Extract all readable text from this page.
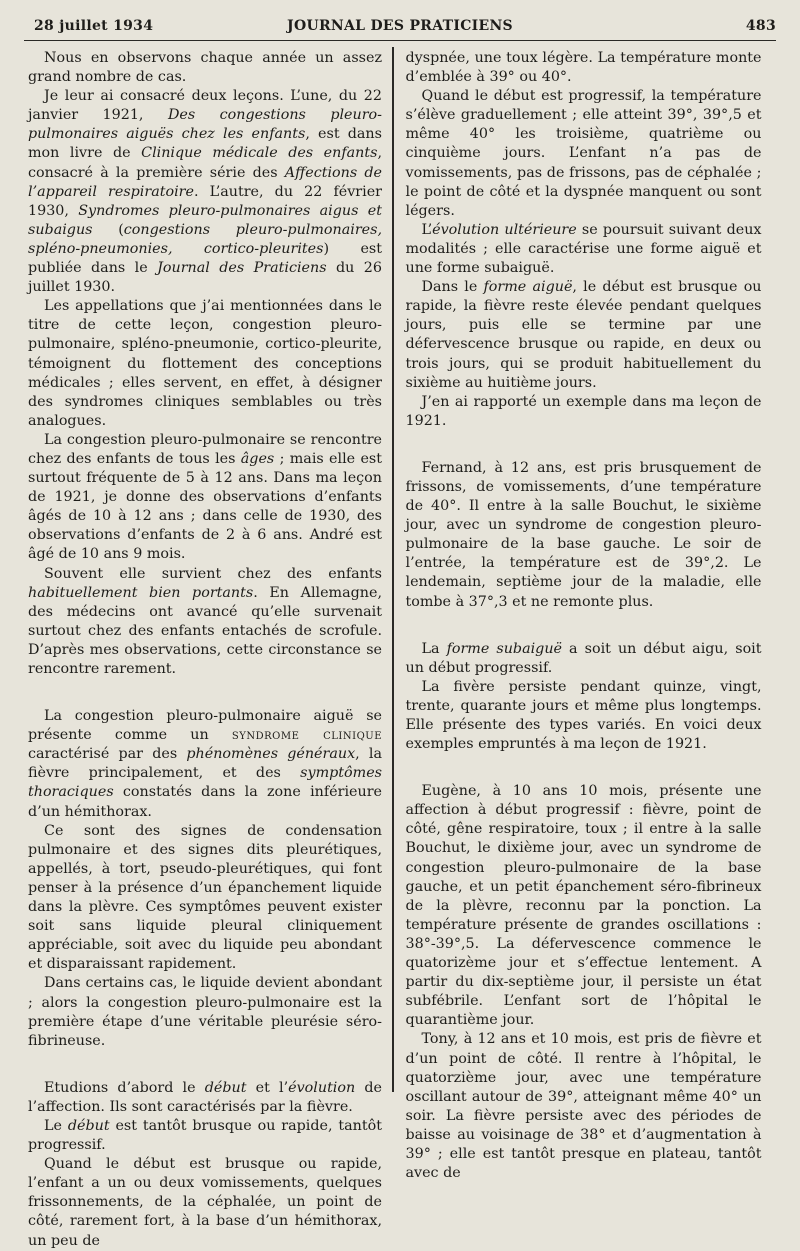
28 juillet 1934	JOURNAL DES PRATICIENS	483

Nous en observons chaque année un assez grand nombre de cas.

Je leur ai consacré deux leçons. L’une, du 22 janvier 1921, Des congestions pleuro-pulmonaires aiguës chez les enfants, est dans mon livre de Clinique médicale des enfants, consacré à la première série des Affections de l’appareil respiratoire. L’autre, du 22 février 1930, Syndromes pleuro-pulmonaires aigus et subaigus (congestions pleuro-pulmonaires, spléno-pneumonies, cortico-pleurites) est publiée dans le Journal des Praticiens du 26 juillet 1930.

Les appellations que j’ai mentionnées dans le titre de cette leçon, congestion pleuro-pulmonaire, spléno-pneumonie, cortico-pleurite, témoignent du flottement des conceptions médicales ; elles servent, en effet, à désigner des syndromes cliniques semblables ou très analogues.

La congestion pleuro-pulmonaire se rencontre chez des enfants de tous les âges ; mais elle est surtout fréquente de 5 à 12 ans. Dans ma leçon de 1921, je donne des observations d’enfants âgés de 10 à 12 ans ; dans celle de 1930, des observations d’enfants de 2 à 6 ans. André est âgé de 10 ans 9 mois.

Souvent elle survient chez des enfants habituellement bien portants. En Allemagne, des médecins ont avancé qu’elle survenait surtout chez des enfants entachés de scrofule. D’après mes observations, cette circonstance se rencontre rarement.

La congestion pleuro-pulmonaire aiguë se présente comme un syndrome clinique caractérisé par des phénomènes généraux, la fièvre principalement, et des symptômes thoraciques constatés dans la zone inférieure d’un hémithorax.

Ce sont des signes de condensation pulmonaire et des signes dits pleurétiques, appellés, à tort, pseudo-pleurétiques, qui font penser à la présence d’un épanchement liquide dans la plèvre. Ces symptômes peuvent exister soit sans liquide pleural cliniquement appréciable, soit avec du liquide peu abondant et disparaissant rapidement.

Dans certains cas, le liquide devient abondant ; alors la congestion pleuro-pulmonaire est la première étape d’une véritable pleurésie séro-fibrineuse.

Etudions d’abord le début et l’évolution de l’affection. Ils sont caractérisés par la fièvre.

Le début est tantôt brusque ou rapide, tantôt progressif.

Quand le début est brusque ou rapide, l’enfant a un ou deux vomissements, quelques frissonnements, de la céphalée, un point de côté, rarement fort, à la base d’un hémithorax, un peu de

dyspnée, une toux légère. La température monte d’emblée à 39° ou 40°.

Quand le début est progressif, la température s’élève graduellement ; elle atteint 39°, 39°,5 et même 40° les troisième, quatrième ou cinquième jours. L’enfant n’a pas de vomissements, pas de frissons, pas de céphalée ; le point de côté et la dyspnée manquent ou sont légers.

L’évolution ultérieure se poursuit suivant deux modalités ; elle caractérise une forme aiguë et une forme subaiguë.

Dans le forme aiguë, le début est brusque ou rapide, la fièvre reste élevée pendant quelques jours, puis elle se termine par une défervescence brusque ou rapide, en deux ou trois jours, qui se produit habituellement du sixième au huitième jours.

J’en ai rapporté un exemple dans ma leçon de 1921.

Fernand, à 12 ans, est pris brusquement de frissons, de vomissements, d’une température de 40°. Il entre à la salle Bouchut, le sixième jour, avec un syndrome de congestion pleuro-pulmonaire de la base gauche. Le soir de l’entrée, la température est de 39°,2. Le lendemain, septième jour de la maladie, elle tombe à 37°,3 et ne remonte plus.

La forme subaiguë a soit un début aigu, soit un début progressif.

La fivère persiste pendant quinze, vingt, trente, quarante jours et même plus longtemps. Elle présente des types variés. En voici deux exemples empruntés à ma leçon de 1921.

Eugène, à 10 ans 10 mois, présente une affection à début progressif : fièvre, point de côté, gêne respiratoire, toux ; il entre à la salle Bouchut, le dixième jour, avec un syndrome de congestion pleuro-pulmonaire de la base gauche, et un petit épanchement séro-fibrineux de la plèvre, reconnu par la ponction. La température présente de grandes oscillations : 38°-39°,5. La défervescence commence le quatorizème jour et s’effectue lentement. A partir du dix-septième jour, il persiste un état subfébrile. L’enfant sort de l’hôpital le quarantième jour.

Tony, à 12 ans et 10 mois, est pris de fièvre et d’un point de côté. Il rentre à l’hôpital, le quatorzième jour, avec une température oscillant autour de 39°, atteignant même 40° un soir. La fièvre persiste avec des périodes de baisse au voisinage de 38° et d’augmentation à 39° ; elle est tantôt presque en plateau, tantôt avec de
